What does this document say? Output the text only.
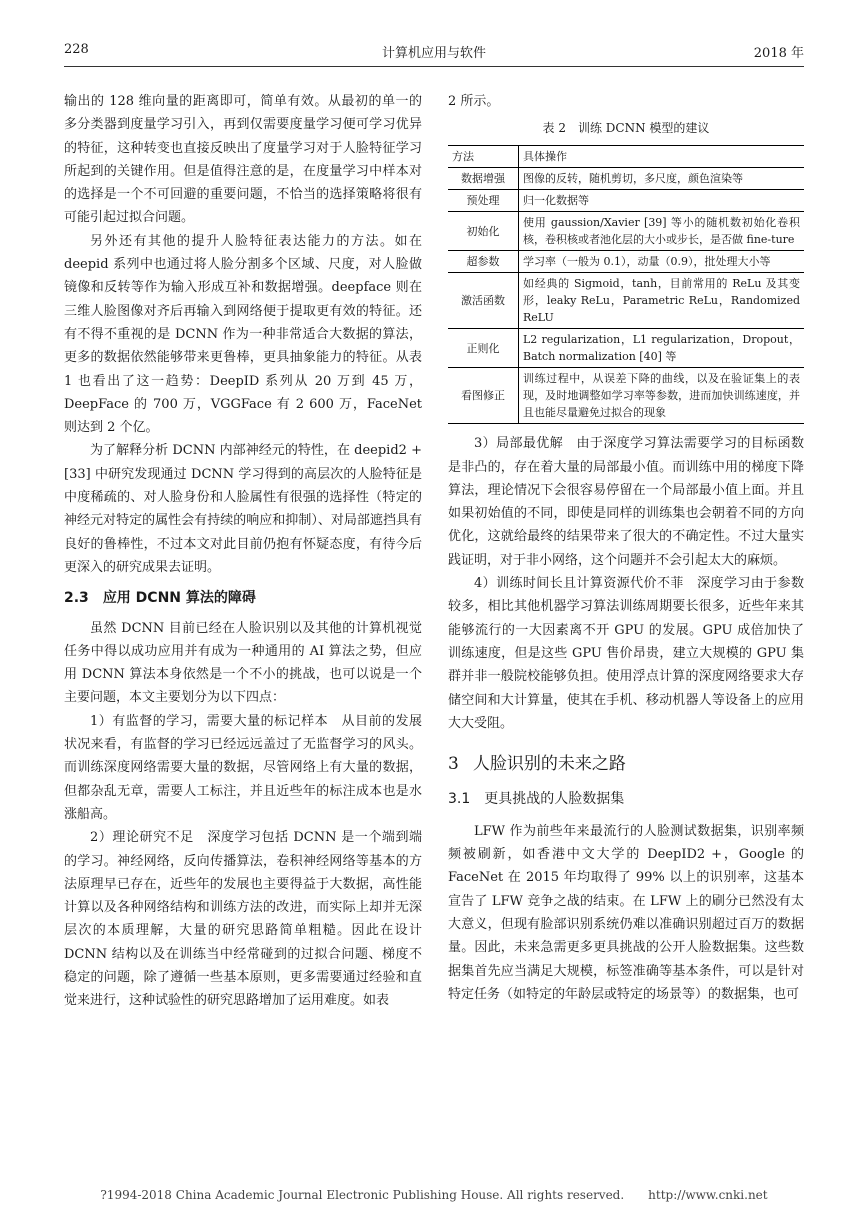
228	计算机应用与软件	2018 年

输出的 128 维向量的距离即可，简单有效。从最初的单一的多分类器到度量学习引入，再到仅需要度量学习便可学习优异的特征，这种转变也直接反映出了度量学习对于人脸特征学习所起到的关键作用。但是值得注意的是，在度量学习中样本对的选择是一个不可回避的重要问题，不恰当的选择策略将很有可能引起过拟合问题。

另外还有其他的提升人脸特征表达能力的方法。如在 deepid 系列中也通过将人脸分割多个区域、尺度，对人脸做镜像和反转等作为输入形成互补和数据增强。deepface 则在三维人脸图像对齐后再输入到网络便于提取更有效的特征。还有不得不重视的是 DCNN 作为一种非常适合大数据的算法，更多的数据依然能够带来更鲁棒，更具抽象能力的特征。从表 1 也看出了这一趋势：DeepID 系列从 20 万到 45 万，DeepFace 的 700 万，VGGFace 有 2 600 万，FaceNet 则达到 2 个亿。

为了解释分析 DCNN 内部神经元的特性，在 deepid2 + [33] 中研究发现通过 DCNN 学习得到的高层次的人脸特征是中度稀疏的、对人脸身份和人脸属性有很强的选择性（特定的神经元对特定的属性会有持续的响应和抑制）、对局部遮挡具有良好的鲁棒性，不过本文对此目前仍抱有怀疑态度，有待今后更深入的研究成果去证明。

2.3 应用 DCNN 算法的障碍

虽然 DCNN 目前已经在人脸识别以及其他的计算机视觉任务中得以成功应用并有成为一种通用的 AI 算法之势，但应用 DCNN 算法本身依然是一个不小的挑战，也可以说是一个主要问题，本文主要划分为以下四点：

1）有监督的学习，需要大量的标记样本　从目前的发展状况来看，有监督的学习已经远远盖过了无监督学习的风头。而训练深度网络需要大量的数据，尽管网络上有大量的数据，但都杂乱无章，需要人工标注，并且近些年的标注成本也是水涨船高。

2）理论研究不足　深度学习包括 DCNN 是一个端到端的学习。神经网络，反向传播算法，卷积神经网络等基本的方法原理早已存在，近些年的发展也主要得益于大数据，高性能计算以及各种网络结构和训练方法的改进，而实际上却并无深层次的本质理解，大量的研究思路简单粗糙。因此在设计 DCNN 结构以及在训练当中经常碰到的过拟合问题、梯度不稳定的问题，除了遵循一些基本原则，更多需要通过经验和直觉来进行，这种试验性的研究思路增加了运用难度。如表

2 所示。

表 2　训练 DCNN 模型的建议
方法	具体操作
数据增强	图像的反转，随机剪切，多尺度，颜色渲染等
预处理	归一化数据等
初始化	使用 gaussion/Xavier [39] 等小的随机数初始化卷积核，卷积核或者池化层的大小或步长，是否做 fine-ture
超参数	学习率（一般为 0.1），动量（0.9），批处理大小等
激活函数	如经典的 Sigmoid，tanh，目前常用的 ReLu 及其变形，leaky ReLu，Parametric ReLu，Randomized ReLU
正则化	L2 regularization，L1 regularization，Dropout，Batch normalization [40] 等
看图修正	训练过程中，从误差下降的曲线，以及在验证集上的表现，及时地调整如学习率等参数，进而加快训练速度，并且也能尽量避免过拟合的现象

3）局部最优解　由于深度学习算法需要学习的目标函数是非凸的，存在着大量的局部最小值。而训练中用的梯度下降算法，理论情况下会很容易停留在一个局部最小值上面。并且如果初始值的不同，即使是同样的训练集也会朝着不同的方向优化，这就给最终的结果带来了很大的不确定性。不过大量实践证明，对于非小网络，这个问题并不会引起太大的麻烦。

4）训练时间长且计算资源代价不菲　深度学习由于参数较多，相比其他机器学习算法训练周期要长很多，近些年来其能够流行的一大因素离不开 GPU 的发展。GPU 成倍加快了训练速度，但是这些 GPU 售价昂贵，建立大规模的 GPU 集群并非一般院校能够负担。使用浮点计算的深度网络要求大存储空间和大计算量，使其在手机、移动机器人等设备上的应用大大受阻。

3 人脸识别的未来之路
3.1 更具挑战的人脸数据集

LFW 作为前些年来最流行的人脸测试数据集，识别率频频被刷新，如香港中文大学的 DeepID2 +，Google 的 FaceNet 在 2015 年均取得了 99% 以上的识别率，这基本宣告了 LFW 竞争之战的结束。在 LFW 上的刷分已然没有太大意义，但现有脸部识别系统仍难以准确识别超过百万的数据量。因此，未来急需更多更具挑战的公开人脸数据集。这些数据集首先应当满足大规模，标签准确等基本条件，可以是针对特定任务（如特定的年龄层或特定的场景等）的数据集，也可

?1994-2018 China Academic Journal Electronic Publishing House. All rights reserved.　　http://www.cnki.net
